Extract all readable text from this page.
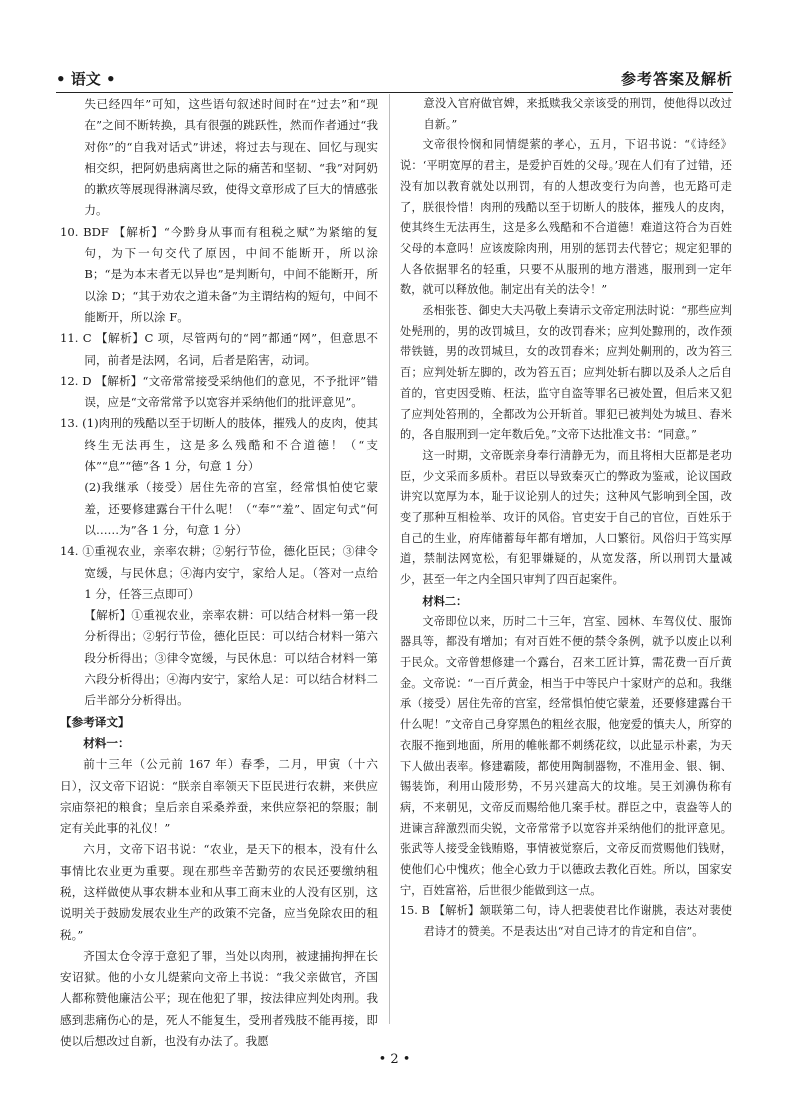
• 语文 •	参考答案及解析

失已经四年”可知，这些语句叙述时间时在“过去”和“现在”之间不断转换，具有很强的跳跃性，然而作者通过“我对你”的“自我对话式”讲述，将过去与现在、回忆与现实相交织，把阿奶患病离世之际的痛苦和坚韧、“我”对阿奶的歉疚等展现得淋漓尽致，使得文章形成了巨大的情感张力。

10. BDF 【解析】“今黔身从事而有租税之赋”为紧缩的复句，为下一句交代了原因，中间不能断开，所以涂 B；“是为本末者无以异也”是判断句，中间不能断开，所以涂 D；“其于劝农之道未备”为主谓结构的短句，中间不能断开，所以涂 F。

11. C 【解析】C 项，尽管两句的“罔”都通“网”，但意思不同，前者是法网，名词，后者是陷害，动词。

12. D 【解析】“文帝常常接受采纳他们的意见，不予批评”错误，应是“文帝常常予以宽容并采纳他们的批评意见”。

13. (1)肉刑的残酷以至于切断人的肢体，摧残人的皮肉，使其终生无法再生，这是多么残酷和不合道德！（“支体”“息”“德”各 1 分，句意 1 分）

(2)我继承（接受）居住先帝的宫室，经常惧怕使它蒙羞，还要修建露台干什么呢！（“奉”“羞”、固定句式“何以……为”各 1 分，句意 1 分）

14. ①重视农业，亲率农耕；②躬行节俭，德化臣民；③律令宽缓，与民休息；④海内安宁，家给人足。（答对一点给 1 分，任答三点即可）

【解析】①重视农业，亲率农耕：可以结合材料一第一段分析得出；②躬行节俭，德化臣民：可以结合材料一第六段分析得出；③律令宽缓，与民休息：可以结合材料一第六段分析得出；④海内安宁，家给人足：可以结合材料二后半部分分析得出。

【参考译文】

材料一：

前十三年（公元前 167 年）春季，二月，甲寅（十六日），汉文帝下诏说：“朕亲自率领天下臣民进行农耕，来供应宗庙祭祀的粮食；皇后亲自采桑养蚕，来供应祭祀的祭服；制定有关此事的礼仪！”

六月，文帝下诏书说：“农业，是天下的根本，没有什么事情比农业更为重要。现在那些辛苦勤劳的农民还要缴纳租税，这样做使从事农耕本业和从事工商末业的人没有区别，这说明关于鼓励发展农业生产的政策不完备，应当免除农田的租税。”

齐国太仓令淳于意犯了罪，当处以肉刑，被逮捕拘押在长安诏狱。他的小女儿缇萦向文帝上书说：“我父亲做官，齐国人都称赞他廉洁公平；现在他犯了罪，按法律应判处肉刑。我感到悲痛伤心的是，死人不能复生，受刑者残肢不能再接，即使以后想改过自新，也没有办法了。我愿

意没入官府做官婢，来抵赎我父亲该受的刑罚，使他得以改过自新。”

文帝很怜悯和同情缇萦的孝心，五月，下诏书说：“《诗经》说：‘平明宽厚的君主，是爱护百姓的父母。’现在人们有了过错，还没有加以教育就处以刑罚，有的人想改变行为向善，也无路可走了，朕很怜惜！肉刑的残酷以至于切断人的肢体，摧残人的皮肉，使其终生无法再生，这是多么残酷和不合道德！难道这符合为百姓父母的本意吗！应该废除肉刑，用别的惩罚去代替它；规定犯罪的人各依据罪名的轻重，只要不从服刑的地方潜逃，服刑到一定年数，就可以释放他。制定出有关的法令！”

丞相张苍、御史大夫冯敬上奏请示文帝定刑法时说：“那些应判处髡刑的，男的改罚城旦，女的改罚舂米；应判处黥刑的，改作颈带铁链，男的改罚城旦，女的改罚舂米；应判处劓刑的，改为笞三百；应判处斩左脚的，改为笞五百；应判处斩右脚以及杀人之后自首的，官吏因受贿、枉法，监守自盗等罪名已被处置，但后来又犯了应判处笞刑的，全都改为公开斩首。罪犯已被判处为城旦、舂米的，各自服刑到一定年数后免。”文帝下达批准文书：“同意。”

这一时期，文帝既亲身奉行清静无为，而且将相大臣都是老功臣，少文采而多质朴。君臣以导致秦灭亡的弊政为鉴戒，论议国政讲究以宽厚为本，耻于议论别人的过失；这种风气影响到全国，改变了那种互相检举、攻讦的风俗。官吏安于自己的官位，百姓乐于自己的生业，府库储蓄每年都有增加，人口繁衍。风俗归于笃实厚道，禁制法网宽松，有犯罪嫌疑的，从宽发落，所以刑罚大量减少，甚至一年之内全国只审判了四百起案件。

材料二：

文帝即位以来，历时二十三年，宫室、园林、车驾仪仗、服饰器具等，都没有增加；有对百姓不便的禁令条例，就予以废止以利于民众。文帝曾想修建一个露台，召来工匠计算，需花费一百斤黄金。文帝说：“一百斤黄金，相当于中等民户十家财产的总和。我继承（接受）居住先帝的宫室，经常惧怕使它蒙羞，还要修建露台干什么呢！”文帝自己身穿黑色的粗丝衣服，他宠爱的慎夫人，所穿的衣服不拖到地面，所用的帷帐都不刺绣花纹，以此显示朴素，为天下人做出表率。修建霸陵，都使用陶制器物，不准用金、银、铜、锡装饰，利用山陵形势，不另兴建高大的坟堆。吴王刘濞伪称有病，不来朝见，文帝反而赐给他几案手杖。群臣之中，袁盎等人的进谏言辞激烈而尖锐，文帝常常予以宽容并采纳他们的批评意见。张武等人接受金钱贿赂，事情被觉察后，文帝反而赏赐他们钱财，使他们心中愧疚；他全心致力于以德政去教化百姓。所以，国家安宁，百姓富裕，后世很少能做到这一点。

15. B 【解析】颔联第二句，诗人把裴使君比作谢朓，表达对裴使君诗才的赞美。不是表达出“对自己诗才的肯定和自信”。

• 2 •
